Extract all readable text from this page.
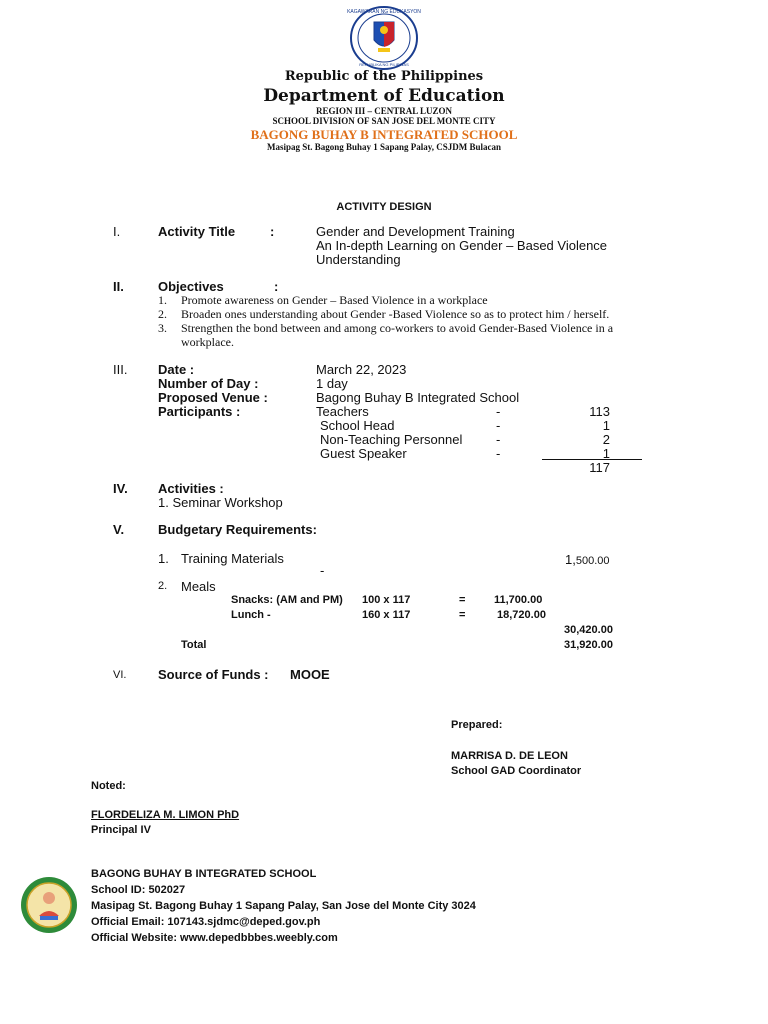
KAGAWARAN NG EDUKASYON
REPUBLIKA NG PILIPINAS
Republic of the Philippines
Department of Education
REGION III – CENTRAL LUZON
SCHOOL DIVISION OF SAN JOSE DEL MONTE CITY
BAGONG BUHAY B INTEGRATED SCHOOL
Masipag St. Bagong Buhay 1 Sapang Palay, CSJDM Bulacan
ACTIVITY DESIGN
I.	Activity Title	:	Gender and Development Training
An In-depth Learning on Gender – Based Violence
Understanding
II.	Objectives	:
1. Promote awareness on Gender – Based Violence in a workplace
2. Broaden ones understanding about Gender -Based Violence so as to protect him / herself.
3. Strengthen the bond between and among co-workers to avoid Gender-Based Violence in a
workplace.
III. Date :	March 22, 2023
Number of Day :	1 day
Proposed Venue :	Bagong Buhay B Integrated School
Participants :	Teachers	-	113
School Head	-	1
Non-Teaching Personnel	-	2
Guest Speaker	-	1
117
IV. Activities :
1. Seminar Workshop
V.	Budgetary Requirements:
1. Training Materials	1,500.00
-
2. Meals
Snacks: (AM and PM) 100 x 117	=	11,700.00
Lunch -	160 x 117	=	18,720.00
30,420.00
Total	31,920.00
VI. Source of Funds : MOOE
Prepared:
MARRISA D. DE LEON
School GAD Coordinator
Noted:
FLORDELIZA M. LIMON PhD
Principal IV
BAGONG BUHAY B INTEGRATED SCHOOL
School ID: 502027
Masipag St. Bagong Buhay 1 Sapang Palay, San Jose del Monte City 3024
Official Email: 107143.sjdmc@deped.gov.ph
Official Website: www.depedbbbes.weebly.com
